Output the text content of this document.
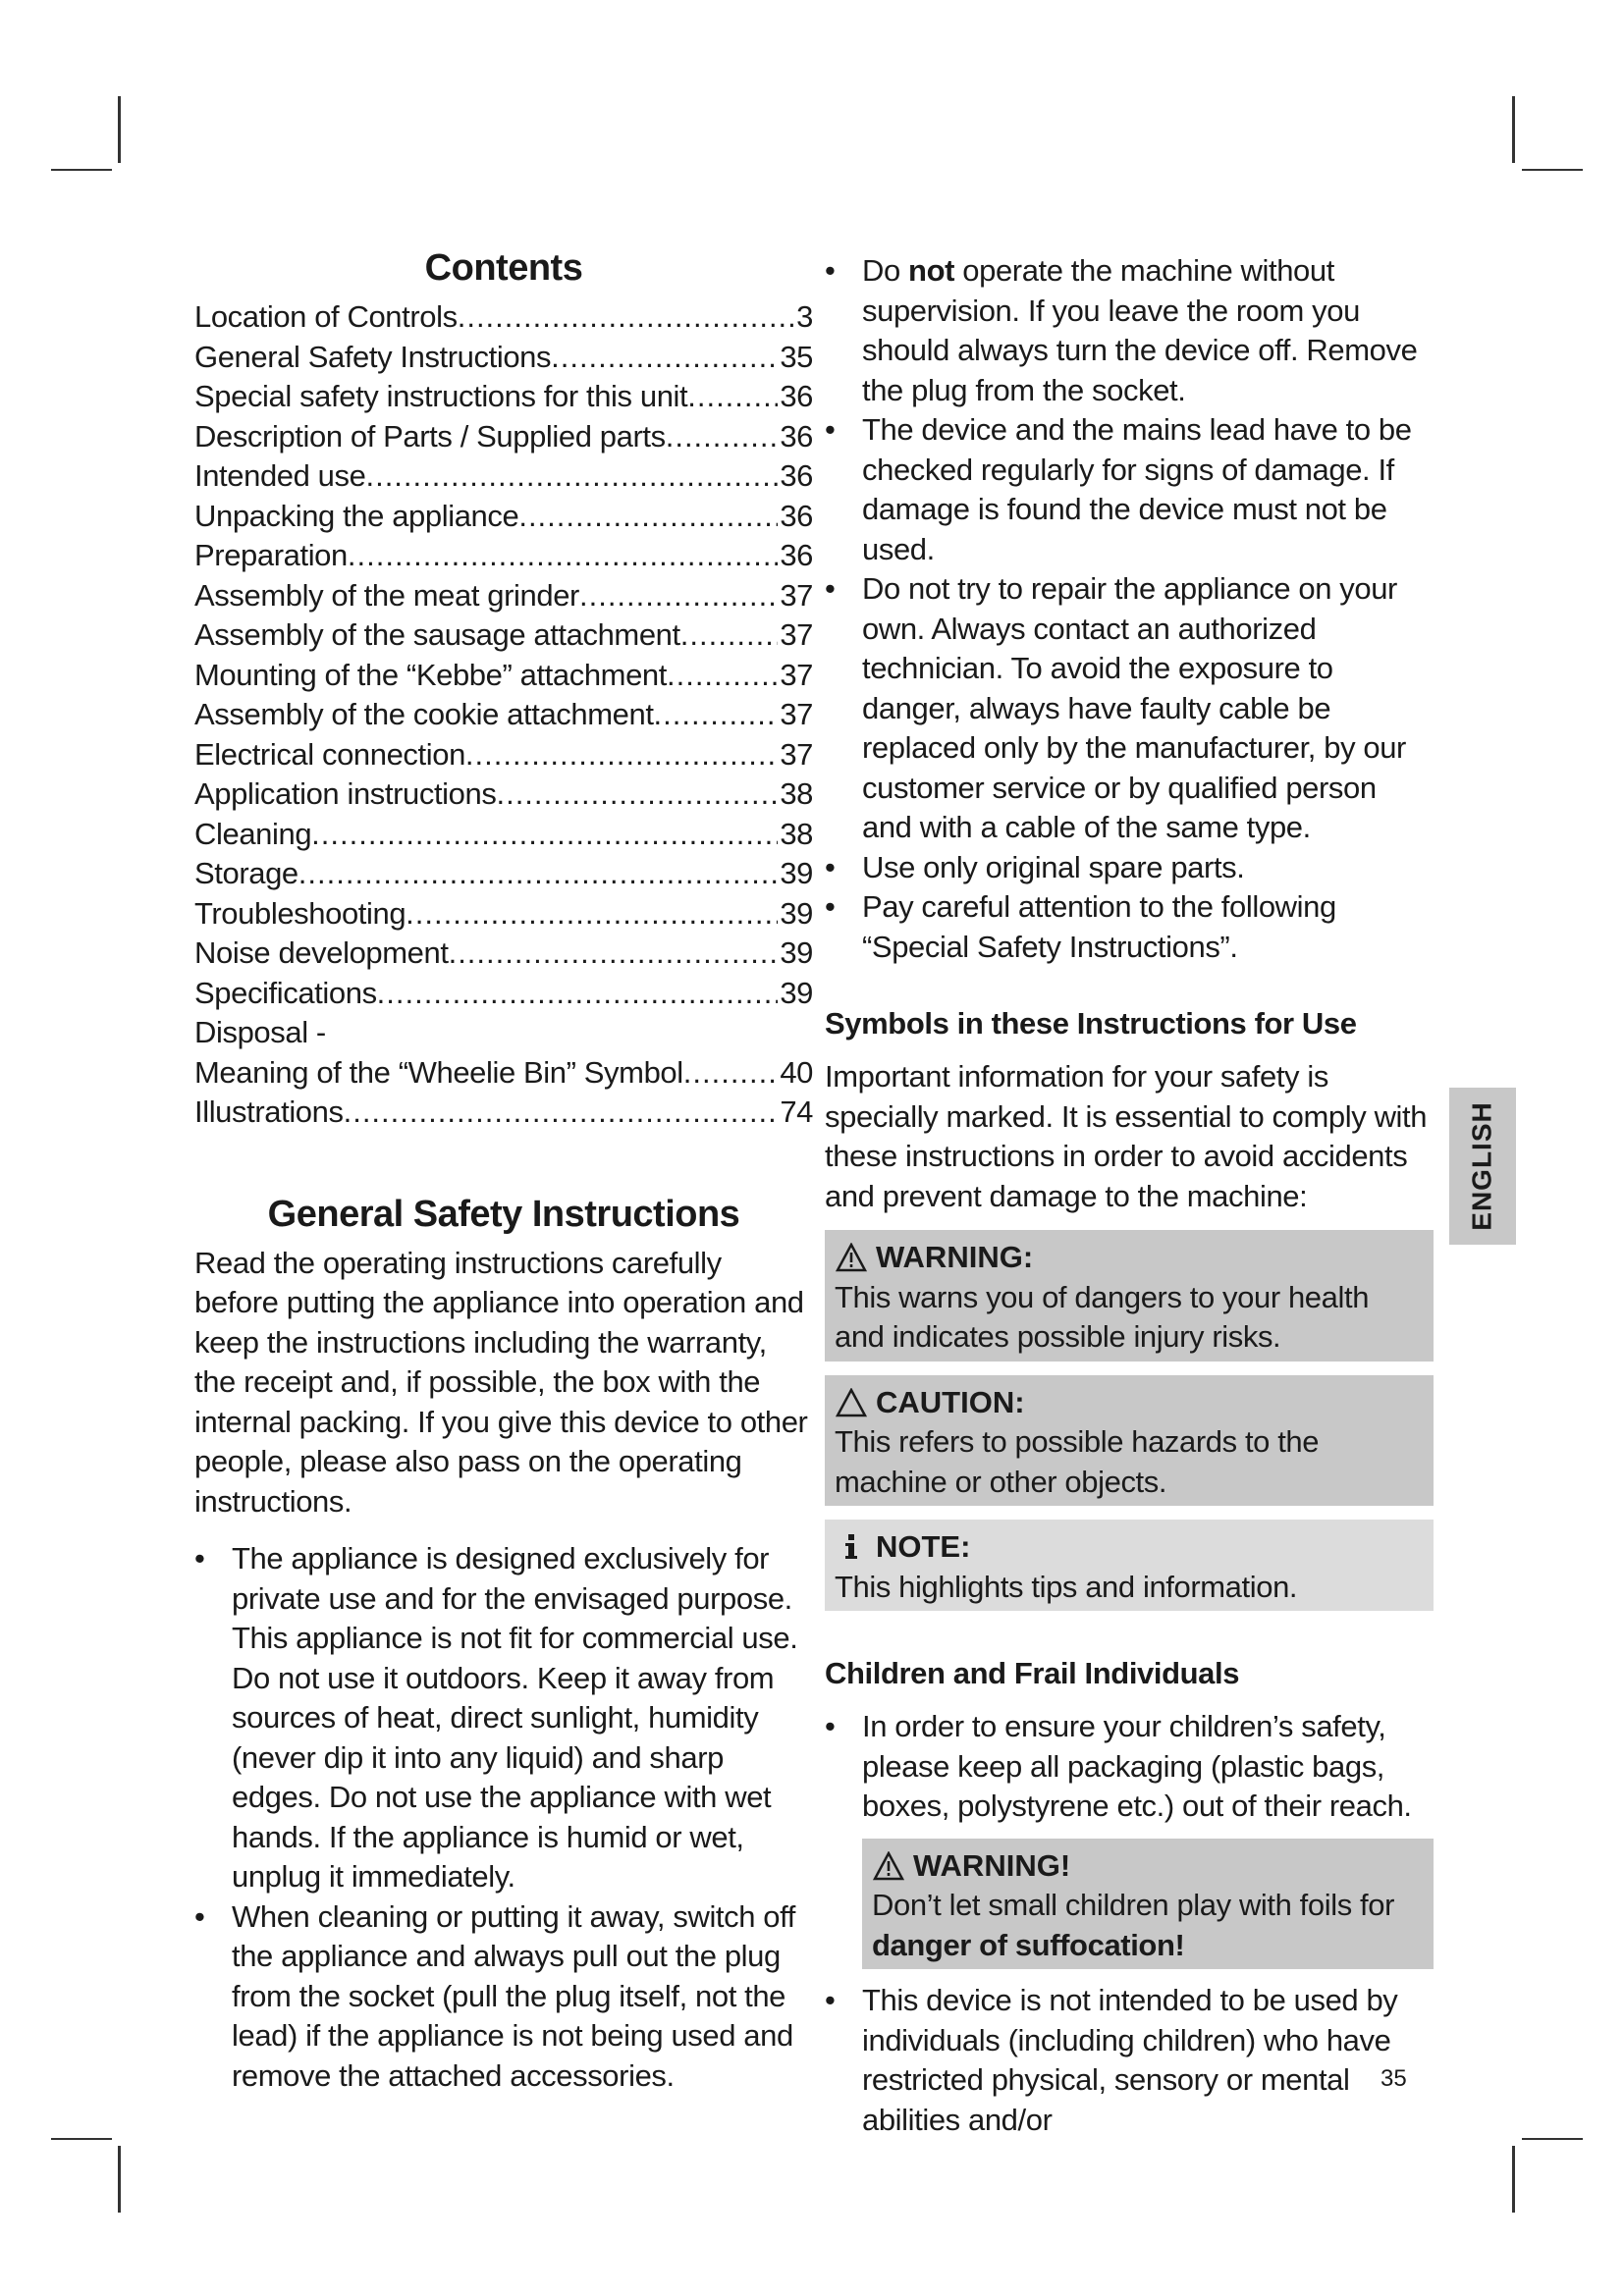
Contents
Location of Controls .....	3
General Safety Instructions .....	35
Special safety instructions for this unit .....	36
Description of Parts / Supplied parts .....	36
Intended use .....	36
Unpacking the appliance .....	36
Preparation .....	36
Assembly of the meat grinder .....	37
Assembly of the sausage attachment .....	37
Mounting of the “Kebbe” attachment .....	37
Assembly of the cookie attachment .....	37
Electrical connection .....	37
Application instructions .....	38
Cleaning .....	38
Storage .....	39
Troubleshooting .....	39
Noise development .....	39
Specifications .....	39
Disposal -
Meaning of the “Wheelie Bin” Symbol .....	40
Illustrations .....	74
General Safety Instructions

Read the operating instructions carefully before putting the appliance into operation and keep the instructions including the warranty, the receipt and, if possible, the box with the internal packing. If you give this device to other people, please also pass on the operating instructions.

• The appliance is designed exclusively for private use and for the envisaged purpose. This appliance is not fit for commercial use.
Do not use it outdoors. Keep it away from sources of heat, direct sunlight, humidity (never dip it into any liquid) and sharp edges. Do not use the appliance with wet hands. If the appliance is humid or wet, unplug it immediately.
• When cleaning or putting it away, switch off the appliance and always pull out the plug from the socket (pull the plug itself, not the lead) if the appliance is not being used and remove the attached accessories.
• Do not operate the machine without supervision. If you leave the room you should always turn the device off. Remove the plug from the socket.
• The device and the mains lead have to be checked regularly for signs of damage. If damage is found the device must not be used.
• Do not try to repair the appliance on your own. Always contact an authorized technician. To avoid the exposure to danger, always have faulty cable be replaced only by the manufacturer, by our customer service or by qualified person and with a cable of the same type.
• Use only original spare parts.
• Pay careful attention to the following “Special Safety Instructions”.
Symbols in these Instructions for Use

Important information for your safety is specially marked. It is essential to comply with these instructions in order to avoid accidents and prevent damage to the machine:

WARNING:
This warns you of dangers to your health and indicates possible injury risks.
CAUTION:
This refers to possible hazards to the machine or other objects.
NOTE:
This highlights tips and information.
Children and Frail Individuals
• In order to ensure your children’s safety, please keep all packaging (plastic bags, boxes, polystyrene etc.) out of their reach.
WARNING!
Don’t let small children play with foils for danger of suffocation!
• This device is not intended to be used by individuals (including children) who have restricted physical, sensory or mental abilities and/or
ENGLISH
35
